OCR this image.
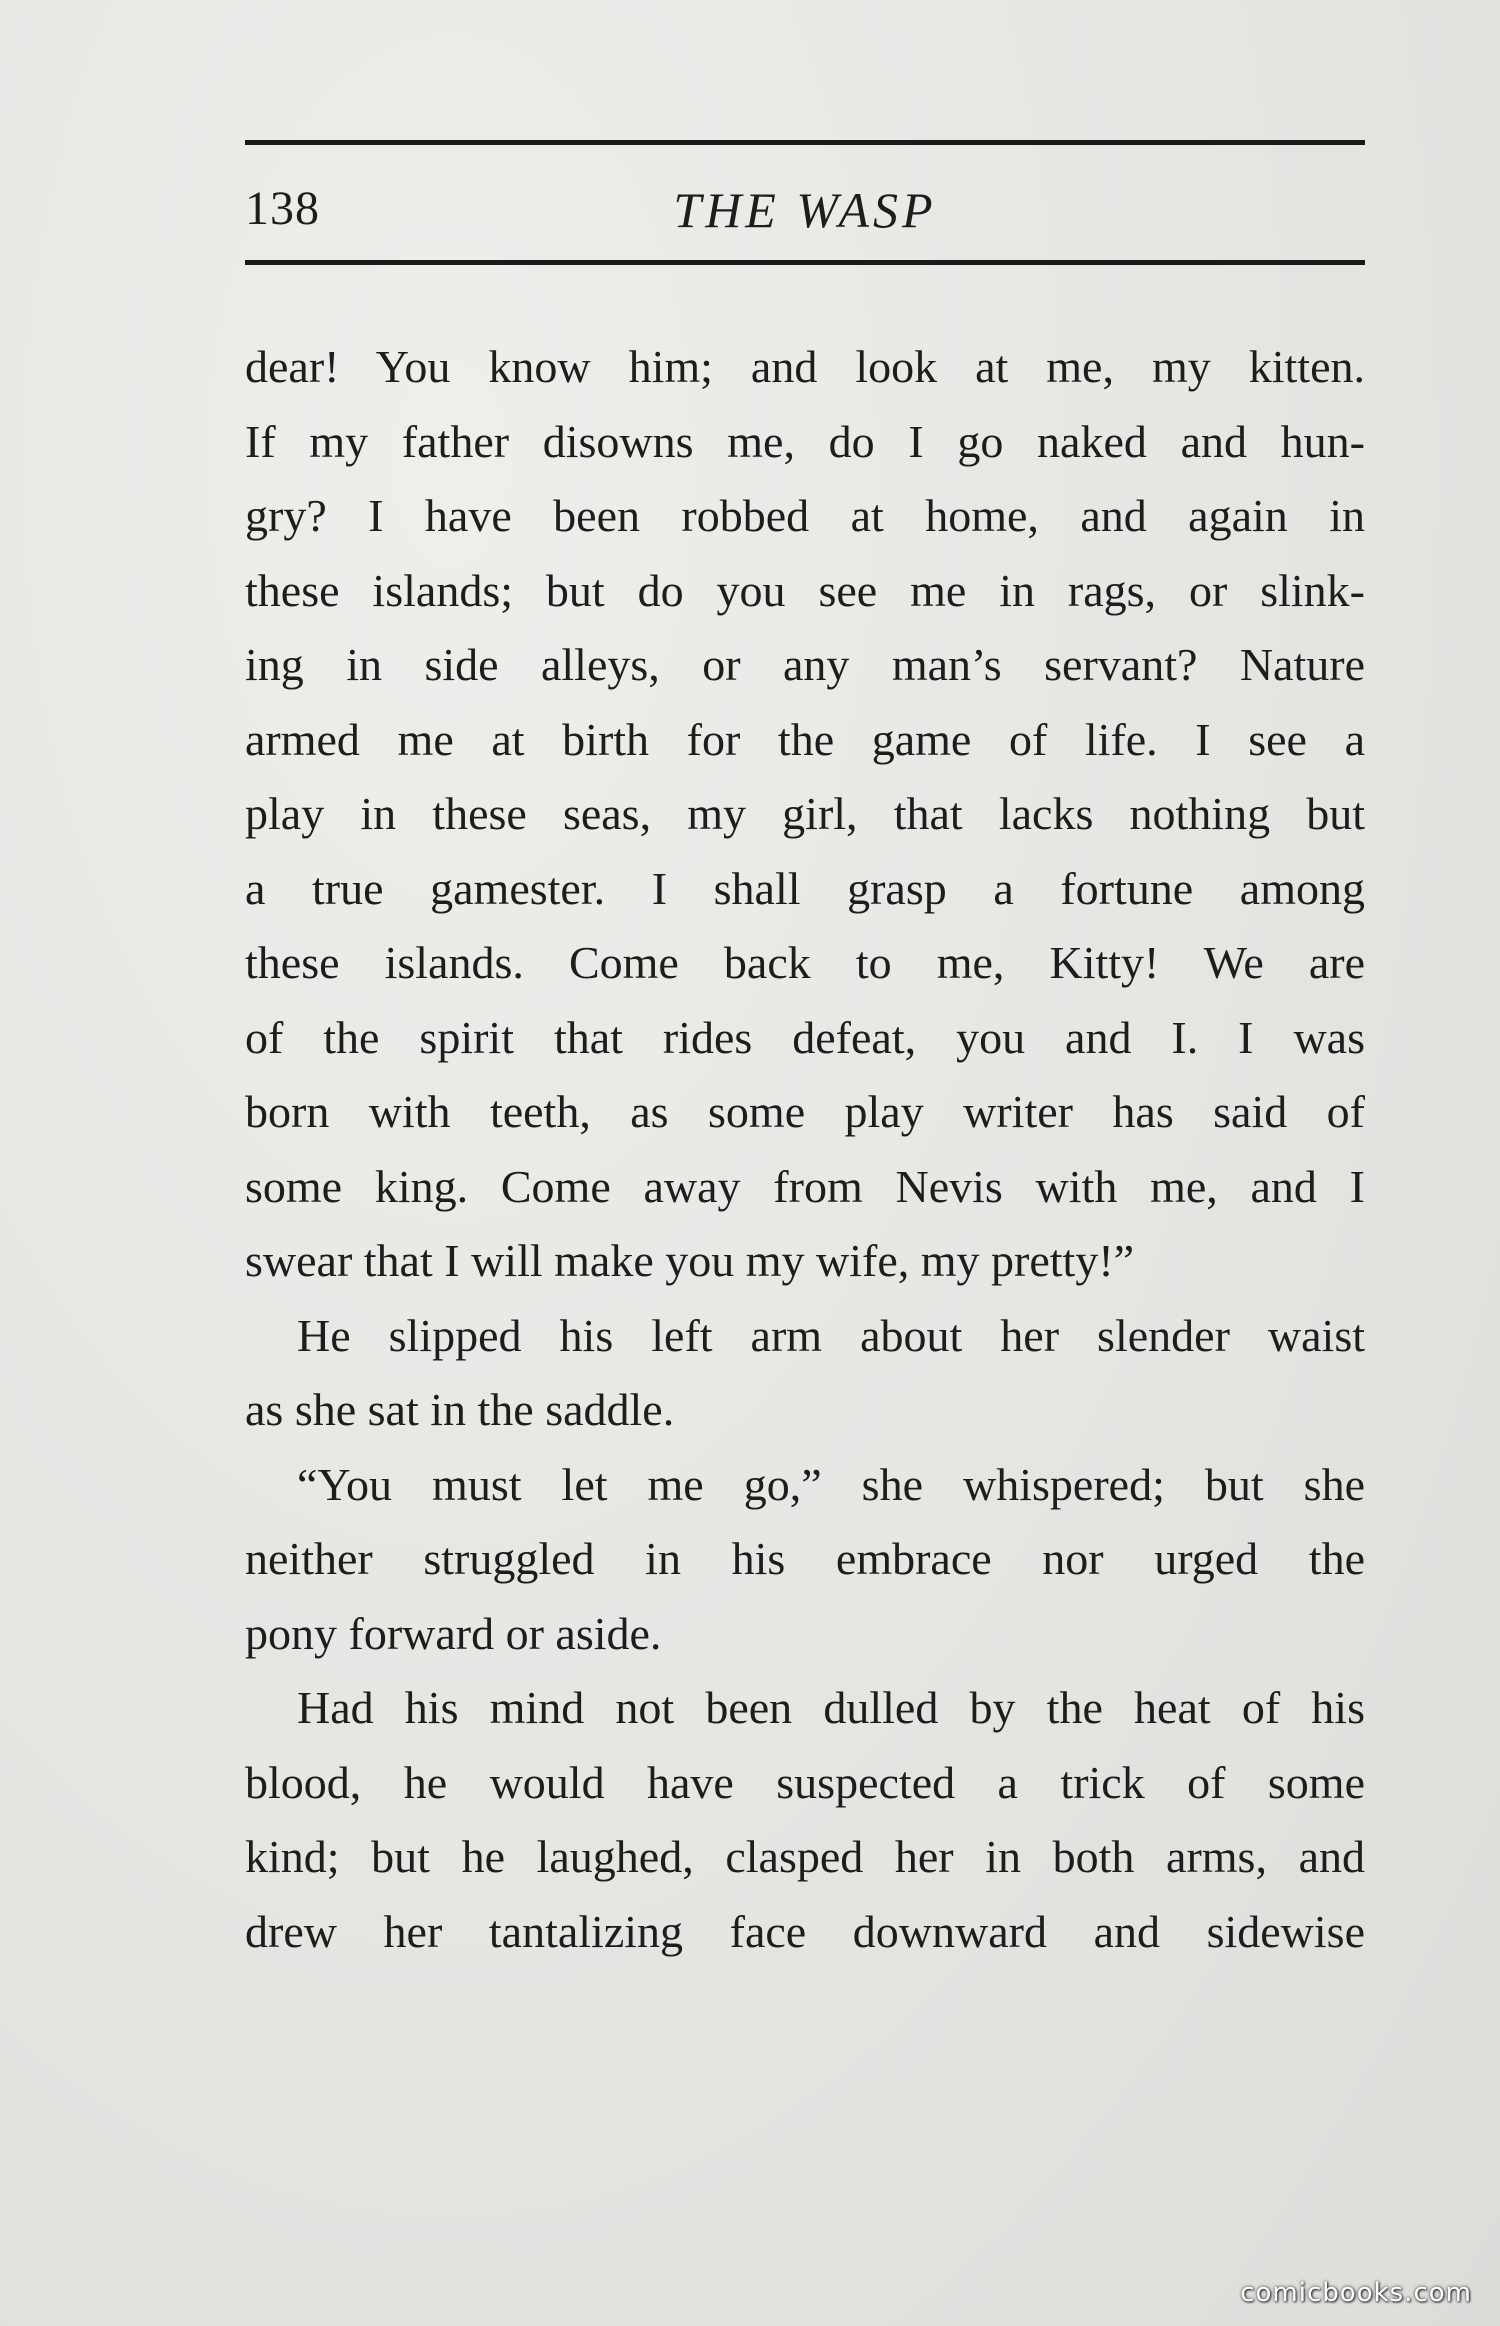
138	THE WASP
dear! You know him; and look at me, my kitten.
If my father disowns me, do I go naked and hun-
gry? I have been robbed at home, and again in
these islands; but do you see me in rags, or slink-
ing in side alleys, or any man’s servant? Nature
armed me at birth for the game of life. I see a
play in these seas, my girl, that lacks nothing but
a true gamester. I shall grasp a fortune among
these islands. Come back to me, Kitty! We are
of the spirit that rides defeat, you and I. I was
born with teeth, as some play writer has said of
some king. Come away from Nevis with me, and I
swear that I will make you my wife, my pretty!”
He slipped his left arm about her slender waist
as she sat in the saddle.
“You must let me go,” she whispered; but she
neither struggled in his embrace nor urged the
pony forward or aside.
Had his mind not been dulled by the heat of his
blood, he would have suspected a trick of some
kind; but he laughed, clasped her in both arms, and
drew her tantalizing face downward and sidewise
comicbooks.com
